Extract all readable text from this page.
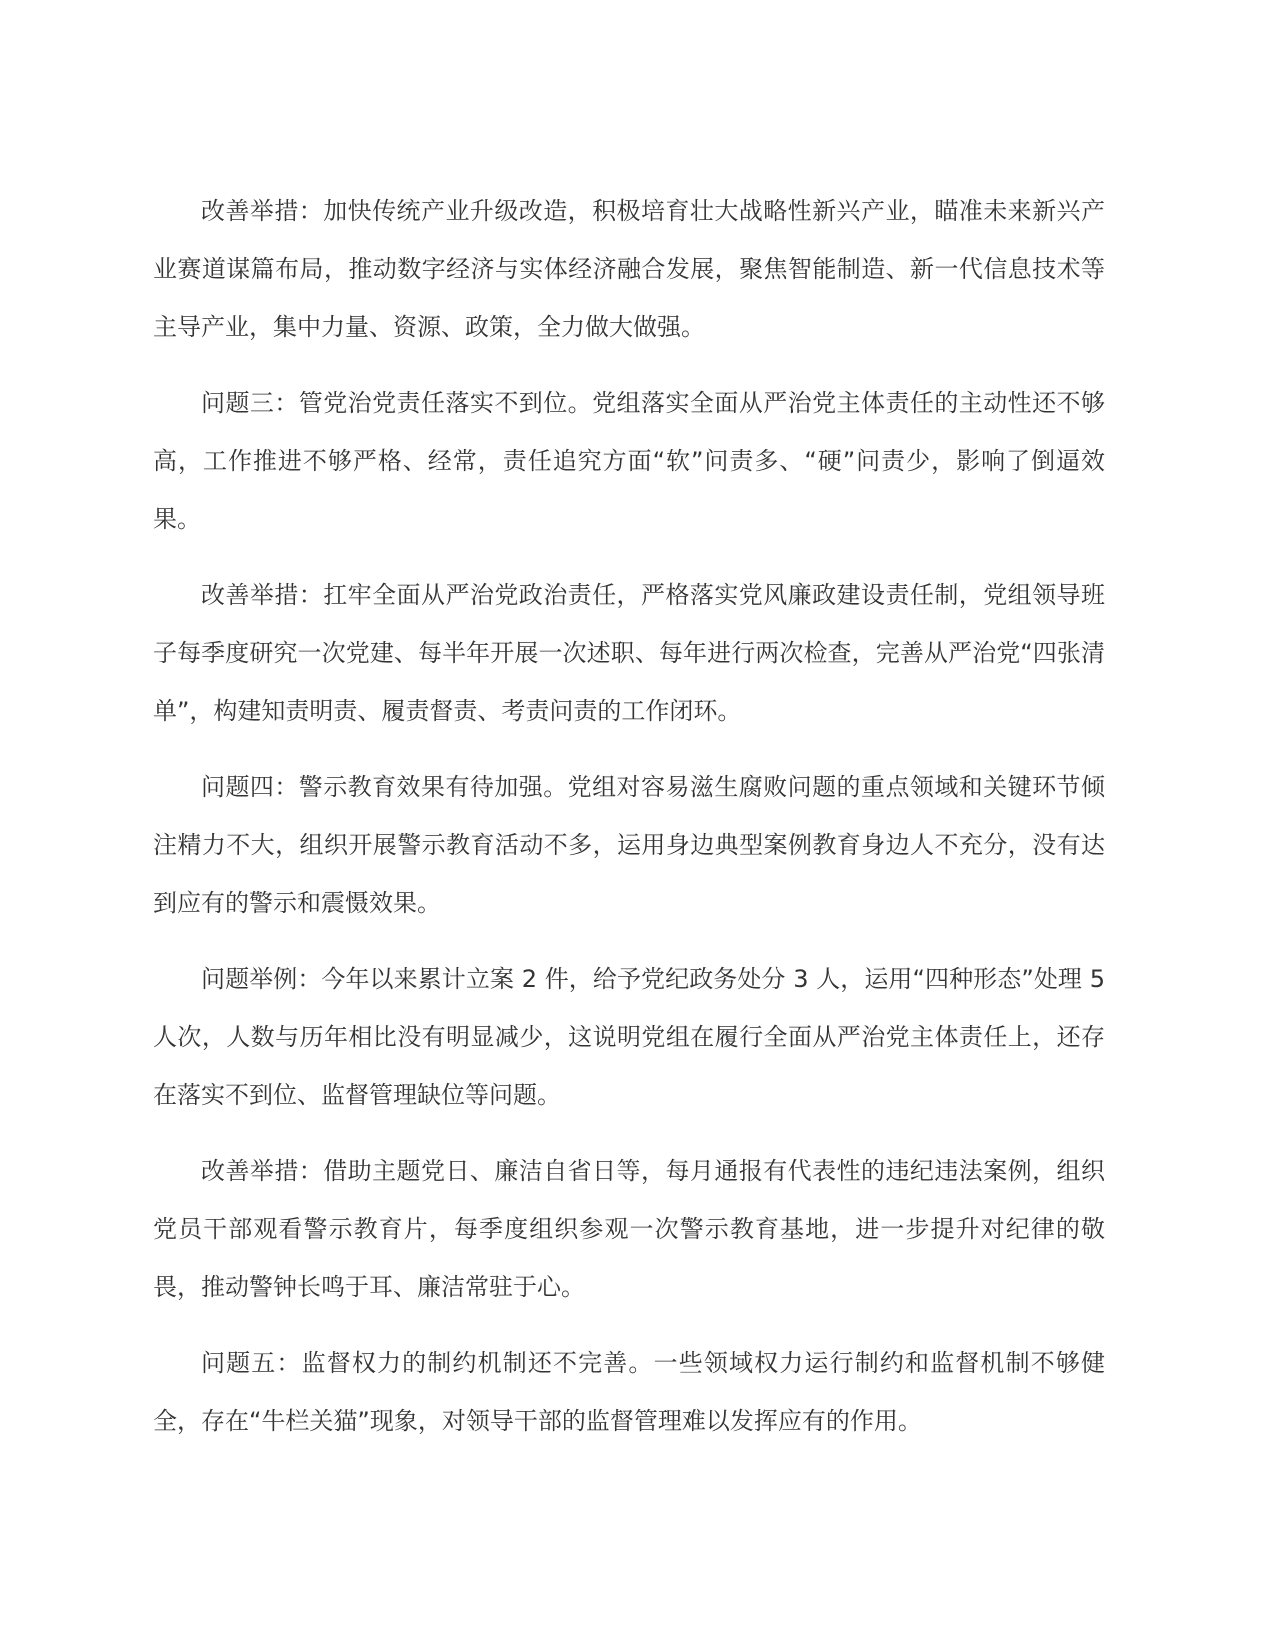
改善举措：加快传统产业升级改造，积极培育壮大战略性新兴产业，瞄准未来新兴产业赛道谋篇布局，推动数字经济与实体经济融合发展，聚焦智能制造、新一代信息技术等主导产业，集中力量、资源、政策，全力做大做强。

问题三：管党治党责任落实不到位。党组落实全面从严治党主体责任的主动性还不够高，工作推进不够严格、经常，责任追究方面“软”问责多、“硬”问责少，影响了倒逼效果。

改善举措：扛牢全面从严治党政治责任，严格落实党风廉政建设责任制，党组领导班子每季度研究一次党建、每半年开展一次述职、每年进行两次检查，完善从严治党“四张清单”，构建知责明责、履责督责、考责问责的工作闭环。

问题四：警示教育效果有待加强。党组对容易滋生腐败问题的重点领域和关键环节倾注精力不大，组织开展警示教育活动不多，运用身边典型案例教育身边人不充分，没有达到应有的警示和震慑效果。

问题举例：今年以来累计立案 2 件，给予党纪政务处分 3 人，运用“四种形态”处理 5 人次，人数与历年相比没有明显减少，这说明党组在履行全面从严治党主体责任上，还存在落实不到位、监督管理缺位等问题。

改善举措：借助主题党日、廉洁自省日等，每月通报有代表性的违纪违法案例，组织党员干部观看警示教育片，每季度组织参观一次警示教育基地，进一步提升对纪律的敬畏，推动警钟长鸣于耳、廉洁常驻于心。

问题五：监督权力的制约机制还不完善。一些领域权力运行制约和监督机制不够健全，存在“牛栏关猫”现象，对领导干部的监督管理难以发挥应有的作用。
